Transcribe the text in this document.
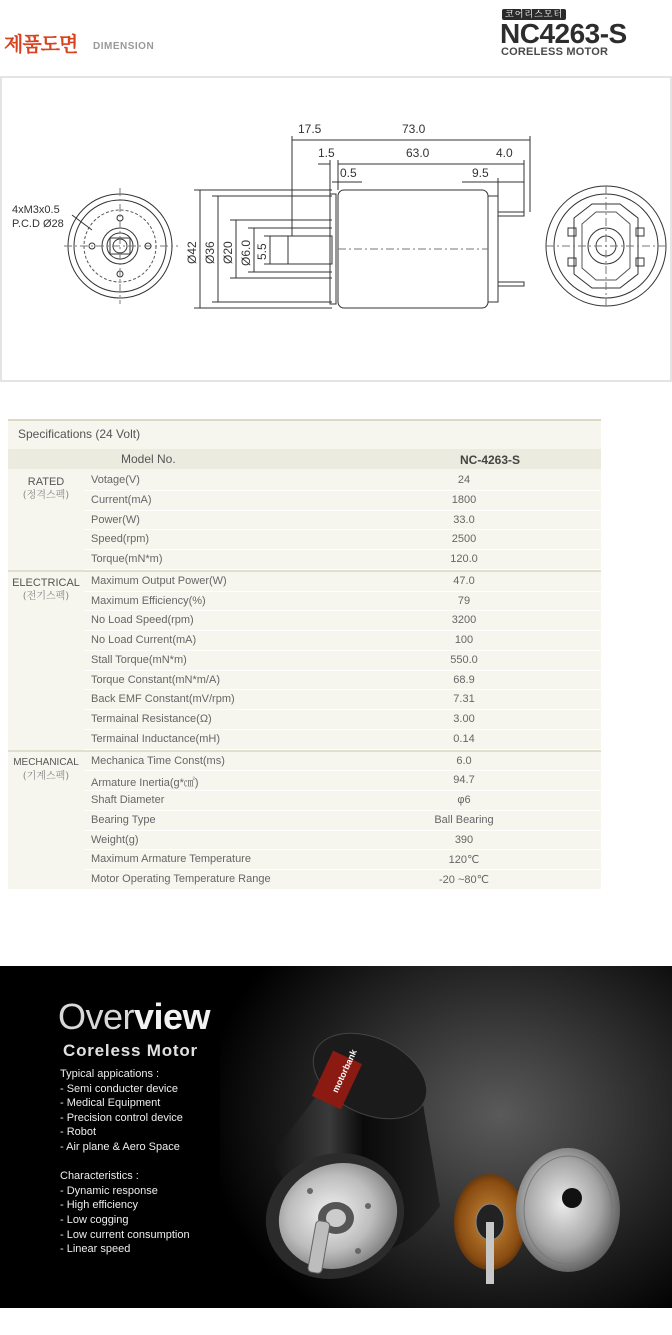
제품도면 DIMENSION
코어리스모터
NC4263-S
CORELESS MOTOR
4xM3x0.5
P.C.D Ø28
17.5	73.0
1.5	63.0	4.0
0.5	9.5
Ø42 Ø36 Ø20 Ø6.0 5.5
Specifications (24 Volt)
Model No.	NC-4263-S
RATED
(정격스펙)
Votage(V)	24
Current(mA)	1800
Power(W)	33.0
Speed(rpm)	2500
Torque(mN*m)	120.0
ELECTRICAL
(전기스펙)
Maximum Output Power(W)	47.0
Maximum Efficiency(%)	79
No Load Speed(rpm)	3200
No Load Current(mA)	100
Stall Torque(mN*m)	550.0
Torque Constant(mN*m/A)	68.9
Back EMF Constant(mV/rpm)	7.31
Termainal Resistance(Ω)	3.00
Termainal Inductance(mH)	0.14
MECHANICAL
(기계스펙)
Mechanica Time Const(ms)	6.0
Armature Inertia(g*㎠)	94.7
Shaft Diameter	φ6
Bearing Type	Ball Bearing
Weight(g)	390
Maximum Armature Temperature	120℃
Motor Operating Temperature Range	-20 ~80℃
Overview
Coreless Motor
Typical appications :
- Semi conducter device
- Medical Equipment
- Precision control device
- Robot
- Air plane & Aero Space
Characteristics :
- Dynamic response
- High efficiency
- Low cogging
- Low current consumption
- Linear speed
motorbank
